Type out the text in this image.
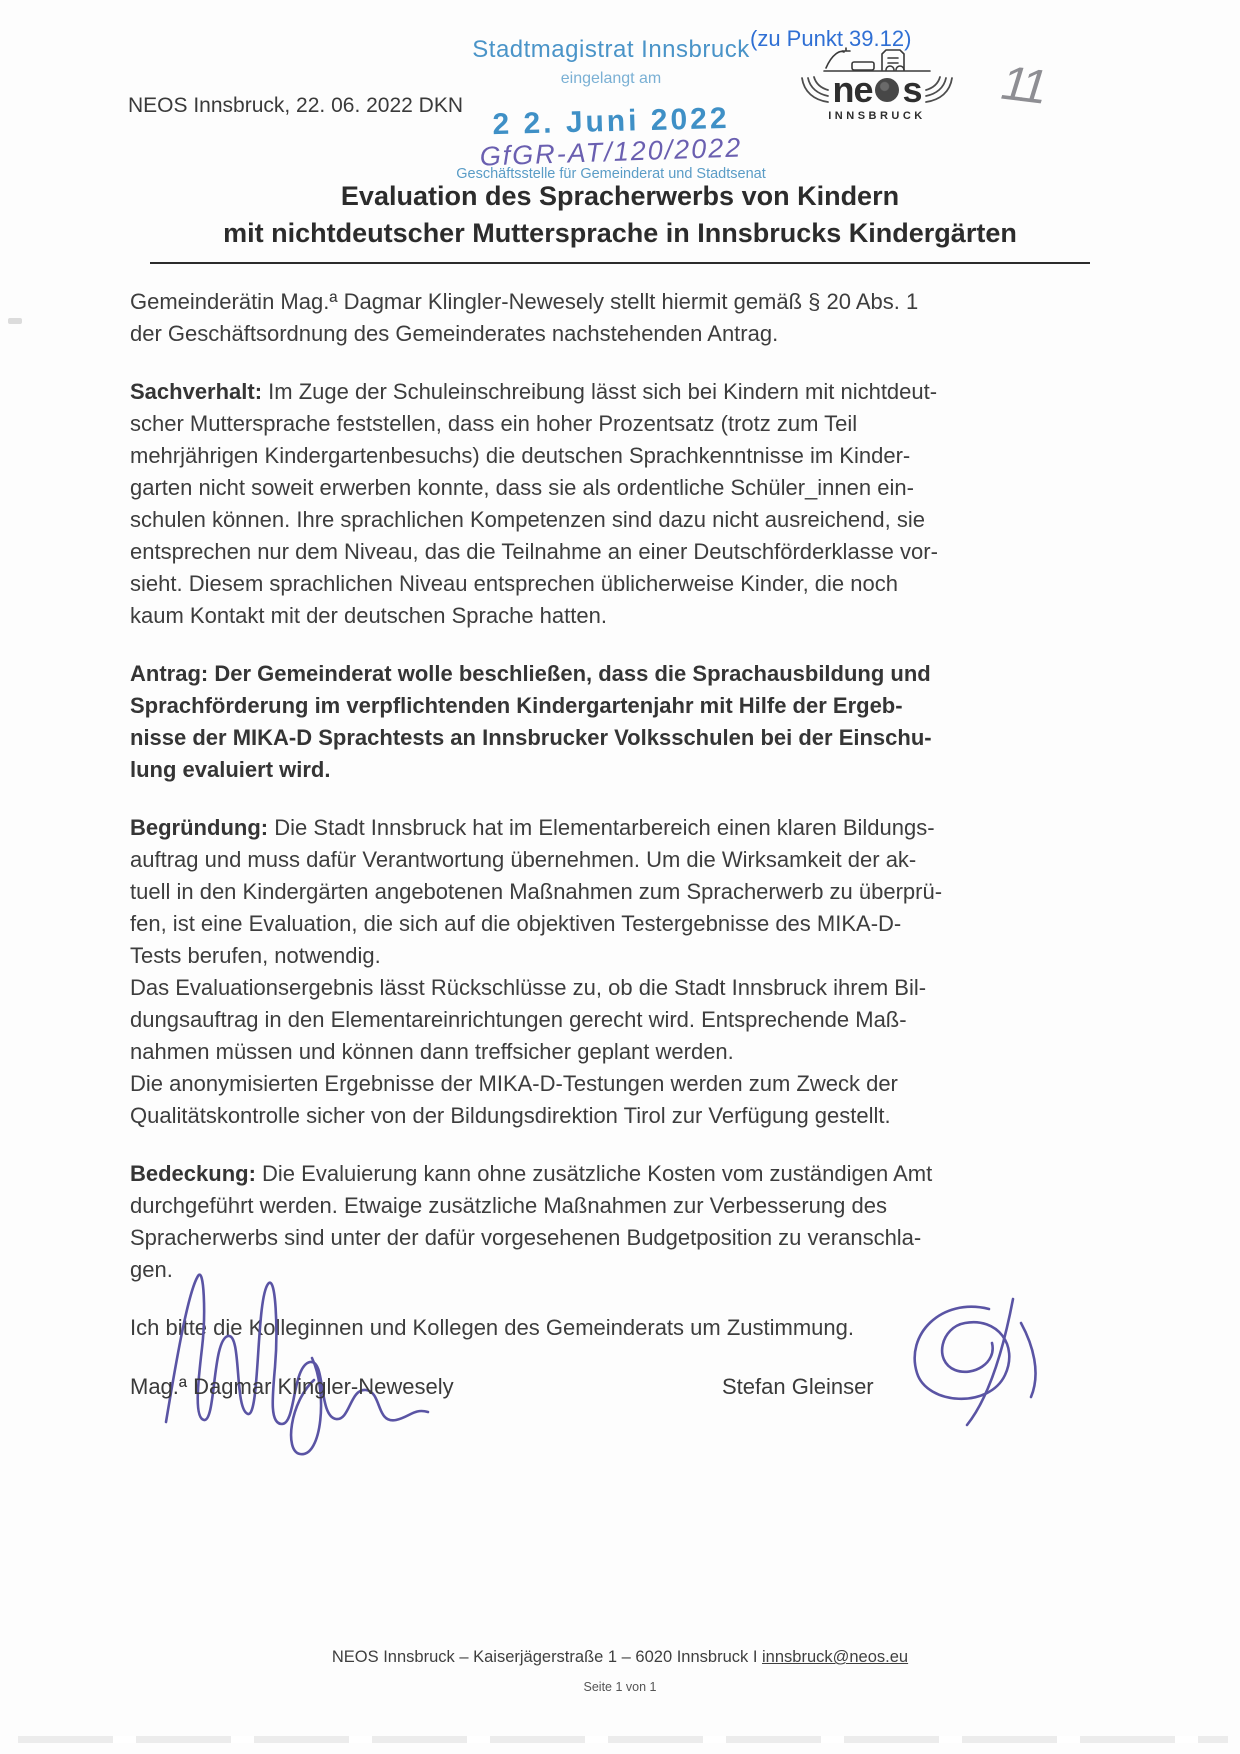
NEOS Innsbruck, 22. 06. 2022 DKN
Stadtmagistrat Innsbruck
eingelangt am
2 2. Juni 2022
GfGR-AT/120/2022
Geschäftsstelle für Gemeinderat und Stadtsenat
(zu Punkt 39.12)
11
ne s
INNSBRUCK
Evaluation des Spracherwerbs von Kindern
mit nichtdeutscher Muttersprache in Innsbrucks Kindergärten
Gemeinderätin Mag.ª Dagmar Klingler-Newesely stellt hiermit gemäß § 20 Abs. 1
der Geschäftsordnung des Gemeinderates nachstehenden Antrag.
Sachverhalt: Im Zuge der Schuleinschreibung lässt sich bei Kindern mit nichtdeut-
scher Muttersprache feststellen, dass ein hoher Prozentsatz (trotz zum Teil
mehrjährigen Kindergartenbesuchs) die deutschen Sprachkenntnisse im Kinder-
garten nicht soweit erwerben konnte, dass sie als ordentliche Schüler_innen ein-
schulen können. Ihre sprachlichen Kompetenzen sind dazu nicht ausreichend, sie
entsprechen nur dem Niveau, das die Teilnahme an einer Deutschförderklasse vor-
sieht. Diesem sprachlichen Niveau entsprechen üblicherweise Kinder, die noch
kaum Kontakt mit der deutschen Sprache hatten.
Antrag: Der Gemeinderat wolle beschließen, dass die Sprachausbildung und
Sprachförderung im verpflichtenden Kindergartenjahr mit Hilfe der Ergeb-
nisse der MIKA-D Sprachtests an Innsbrucker Volksschulen bei der Einschu-
lung evaluiert wird.
Begründung: Die Stadt Innsbruck hat im Elementarbereich einen klaren Bildungs-
auftrag und muss dafür Verantwortung übernehmen. Um die Wirksamkeit der ak-
tuell in den Kindergärten angebotenen Maßnahmen zum Spracherwerb zu überprü-
fen, ist eine Evaluation, die sich auf die objektiven Testergebnisse des MIKA-D-
Tests berufen, notwendig.
Das Evaluationsergebnis lässt Rückschlüsse zu, ob die Stadt Innsbruck ihrem Bil-
dungsauftrag in den Elementareinrichtungen gerecht wird. Entsprechende Maß-
nahmen müssen und können dann treffsicher geplant werden.
Die anonymisierten Ergebnisse der MIKA-D-Testungen werden zum Zweck der
Qualitätskontrolle sicher von der Bildungsdirektion Tirol zur Verfügung gestellt.
Bedeckung: Die Evaluierung kann ohne zusätzliche Kosten vom zuständigen Amt
durchgeführt werden. Etwaige zusätzliche Maßnahmen zur Verbesserung des
Spracherwerbs sind unter der dafür vorgesehenen Budgetposition zu veranschla-
gen.
Ich bitte die Kolleginnen und Kollegen des Gemeinderats um Zustimmung.
Mag.ª Dagmar Klingler-Newesely	Stefan Gleinser
NEOS Innsbruck – Kaiserjägerstraße 1 – 6020 Innsbruck I innsbruck@neos.eu
Seite 1 von 1
